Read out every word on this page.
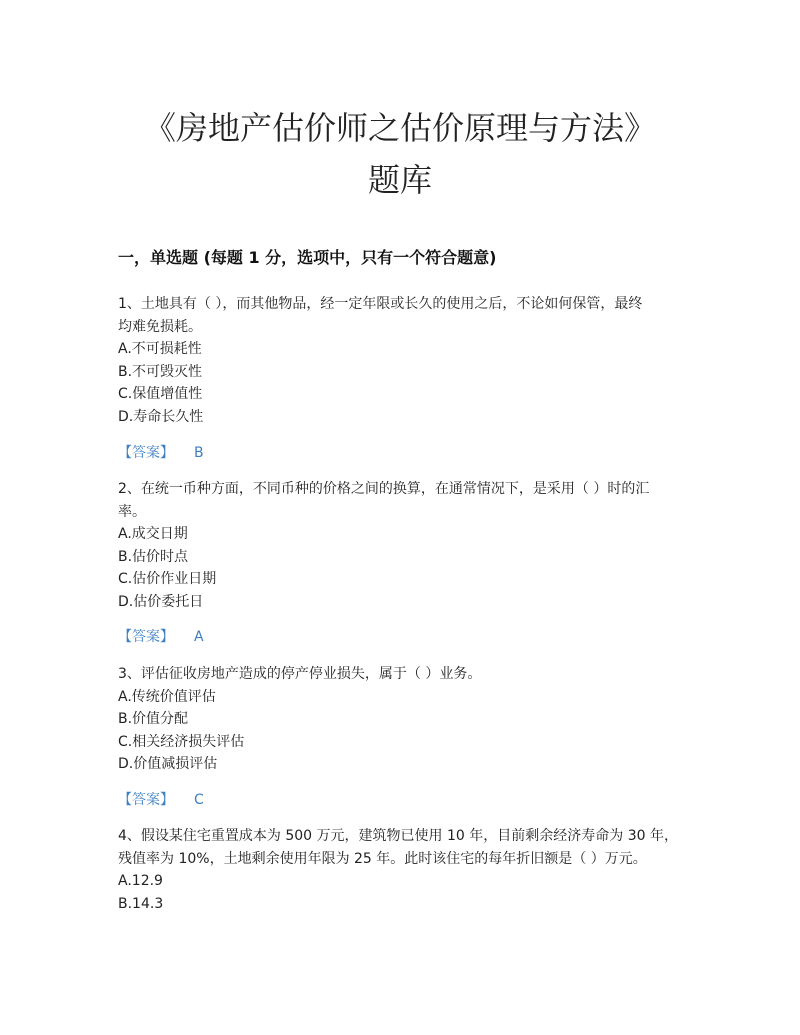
《房地产估价师之估价原理与方法》
题库
一，单选题 (每题 1 分，选项中，只有一个符合题意)

1、土地具有（ ），而其他物品，经一定年限或长久的使用之后，不论如何保管，最终

均难免损耗。

A.不可损耗性

B.不可毁灭性

C.保值增值性

D.寿命长久性

【答案】 B

2、在统一币种方面，不同币种的价格之间的换算，在通常情况下，是采用（ ）时的汇

率。

A.成交日期

B.估价时点

C.估价作业日期

D.估价委托日

【答案】 A

3、评估征收房地产造成的停产停业损失，属于（ ）业务。

A.传统价值评估

B.价值分配

C.相关经济损失评估

D.价值减损评估

【答案】 C

4、假设某住宅重置成本为 500 万元，建筑物已使用 10 年，目前剩余经济寿命为 30 年，

残值率为 10%，土地剩余使用年限为 25 年。此时该住宅的每年折旧额是（ ）万元。

A.12.9

B.14.3
